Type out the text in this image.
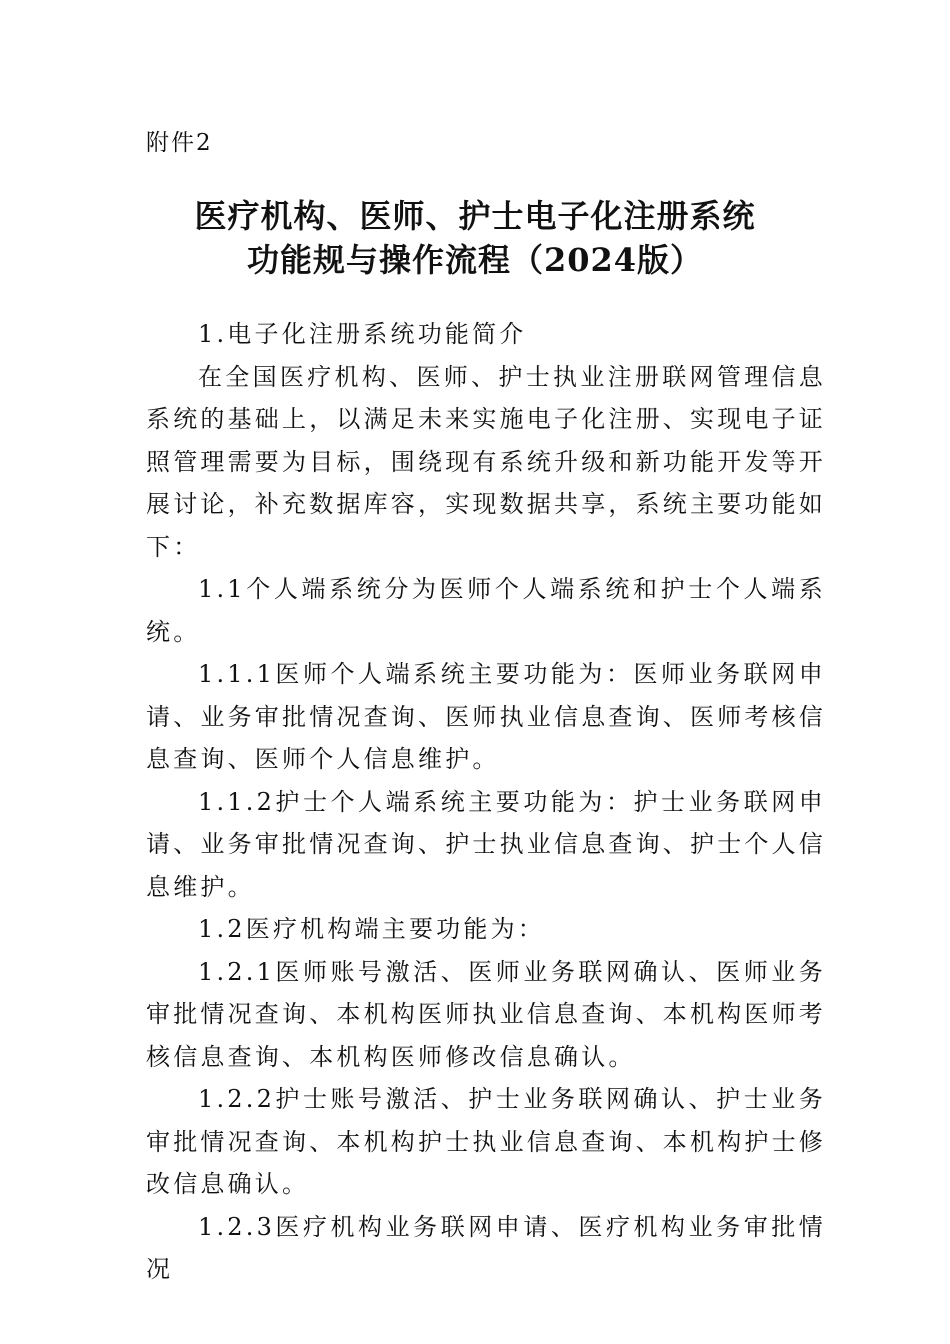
附件2
医疗机构、医师、护士电子化注册系统
功能规与操作流程（2024版）

1.电子化注册系统功能简介

在全国医疗机构、医师、护士执业注册联网管理信息系统的基础上，以满足未来实施电子化注册、实现电子证照管理需要为目标，围绕现有系统升级和新功能开发等开展讨论，补充数据库容，实现数据共享，系统主要功能如下：

1.1个人端系统分为医师个人端系统和护士个人端系统。

1.1.1医师个人端系统主要功能为：医师业务联网申请、业务审批情况查询、医师执业信息查询、医师考核信息查询、医师个人信息维护。

1.1.2护士个人端系统主要功能为：护士业务联网申请、业务审批情况查询、护士执业信息查询、护士个人信息维护。

1.2医疗机构端主要功能为：

1.2.1医师账号激活、医师业务联网确认、医师业务审批情况查询、本机构医师执业信息查询、本机构医师考核信息查询、本机构医师修改信息确认。

1.2.2护士账号激活、护士业务联网确认、护士业务审批情况查询、本机构护士执业信息查询、本机构护士修改信息确认。

1.2.3医疗机构业务联网申请、医疗机构业务审批情况
